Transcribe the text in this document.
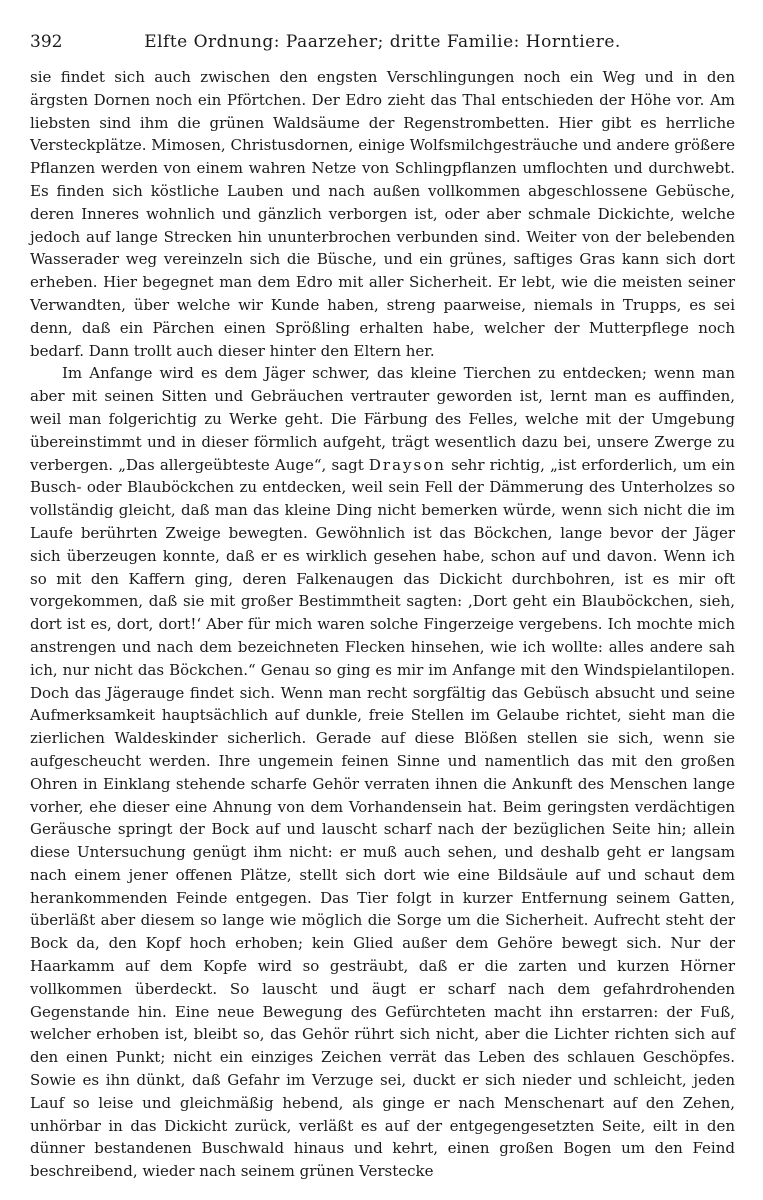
392	Elfte Ordnung: Paarzeher; dritte Familie: Horntiere.

sie findet sich auch zwischen den engsten Verschlingungen noch ein Weg und in den ärgsten Dornen noch ein Pförtchen. Der Edro zieht das Thal entschieden der Höhe vor. Am liebsten sind ihm die grünen Waldsäume der Regenstrombetten. Hier gibt es herrliche Versteckplätze. Mimosen, Christusdornen, einige Wolfsmilchgesträuche und andere größere Pflanzen werden von einem wahren Netze von Schlingpflanzen umflochten und durchwebt. Es finden sich köstliche Lauben und nach außen vollkommen abgeschlossene Gebüsche, deren Inneres wohnlich und gänzlich verborgen ist, oder aber schmale Dickichte, welche jedoch auf lange Strecken hin ununterbrochen verbunden sind. Weiter von der belebenden Wasserader weg vereinzeln sich die Büsche, und ein grünes, saftiges Gras kann sich dort erheben. Hier begegnet man dem Edro mit aller Sicherheit. Er lebt, wie die meisten seiner Verwandten, über welche wir Kunde haben, streng paarweise, niemals in Trupps, es sei denn, daß ein Pärchen einen Sprößling erhalten habe, welcher der Mutterpflege noch bedarf. Dann trollt auch dieser hinter den Eltern her.

Im Anfange wird es dem Jäger schwer, das kleine Tierchen zu entdecken; wenn man aber mit seinen Sitten und Gebräuchen vertrauter geworden ist, lernt man es auffinden, weil man folgerichtig zu Werke geht. Die Färbung des Felles, welche mit der Umgebung übereinstimmt und in dieser förmlich aufgeht, trägt wesentlich dazu bei, unsere Zwerge zu verbergen. „Das allergeübteste Auge“, sagt Drayson sehr richtig, „ist erforderlich, um ein Busch- oder Blauböckchen zu entdecken, weil sein Fell der Dämmerung des Unterholzes so vollständig gleicht, daß man das kleine Ding nicht bemerken würde, wenn sich nicht die im Laufe berührten Zweige bewegten. Gewöhnlich ist das Böckchen, lange bevor der Jäger sich überzeugen konnte, daß er es wirklich gesehen habe, schon auf und davon. Wenn ich so mit den Kaffern ging, deren Falkenaugen das Dickicht durchbohren, ist es mir oft vorgekommen, daß sie mit großer Bestimmtheit sagten: ‚Dort geht ein Blauböckchen, sieh, dort ist es, dort, dort!‘ Aber für mich waren solche Fingerzeige vergebens. Ich mochte mich anstrengen und nach dem bezeichneten Flecken hinsehen, wie ich wollte: alles andere sah ich, nur nicht das Böckchen.“ Genau so ging es mir im Anfange mit den Windspielantilopen. Doch das Jägerauge findet sich. Wenn man recht sorgfältig das Gebüsch absucht und seine Aufmerksamkeit hauptsächlich auf dunkle, freie Stellen im Gelaube richtet, sieht man die zierlichen Waldeskinder sicherlich. Gerade auf diese Blößen stellen sie sich, wenn sie aufgescheucht werden. Ihre ungemein feinen Sinne und namentlich das mit den großen Ohren in Einklang stehende scharfe Gehör verraten ihnen die Ankunft des Menschen lange vorher, ehe dieser eine Ahnung von dem Vorhandensein hat. Beim geringsten verdächtigen Geräusche springt der Bock auf und lauscht scharf nach der bezüglichen Seite hin; allein diese Untersuchung genügt ihm nicht: er muß auch sehen, und deshalb geht er langsam nach einem jener offenen Plätze, stellt sich dort wie eine Bildsäule auf und schaut dem herankommenden Feinde entgegen. Das Tier folgt in kurzer Entfernung seinem Gatten, überläßt aber diesem so lange wie möglich die Sorge um die Sicherheit. Aufrecht steht der Bock da, den Kopf hoch erhoben; kein Glied außer dem Gehöre bewegt sich. Nur der Haarkamm auf dem Kopfe wird so gesträubt, daß er die zarten und kurzen Hörner vollkommen überdeckt. So lauscht und äugt er scharf nach dem gefahrdrohenden Gegenstande hin. Eine neue Bewegung des Gefürchteten macht ihn erstarren: der Fuß, welcher erhoben ist, bleibt so, das Gehör rührt sich nicht, aber die Lichter richten sich auf den einen Punkt; nicht ein einziges Zeichen verrät das Leben des schlauen Geschöpfes. Sowie es ihn dünkt, daß Gefahr im Verzuge sei, duckt er sich nieder und schleicht, jeden Lauf so leise und gleichmäßig hebend, als ginge er nach Menschenart auf den Zehen, unhörbar in das Dickicht zurück, verläßt es auf der entgegengesetzten Seite, eilt in den dünner bestandenen Buschwald hinaus und kehrt, einen großen Bogen um den Feind beschreibend, wieder nach seinem grünen Verstecke
